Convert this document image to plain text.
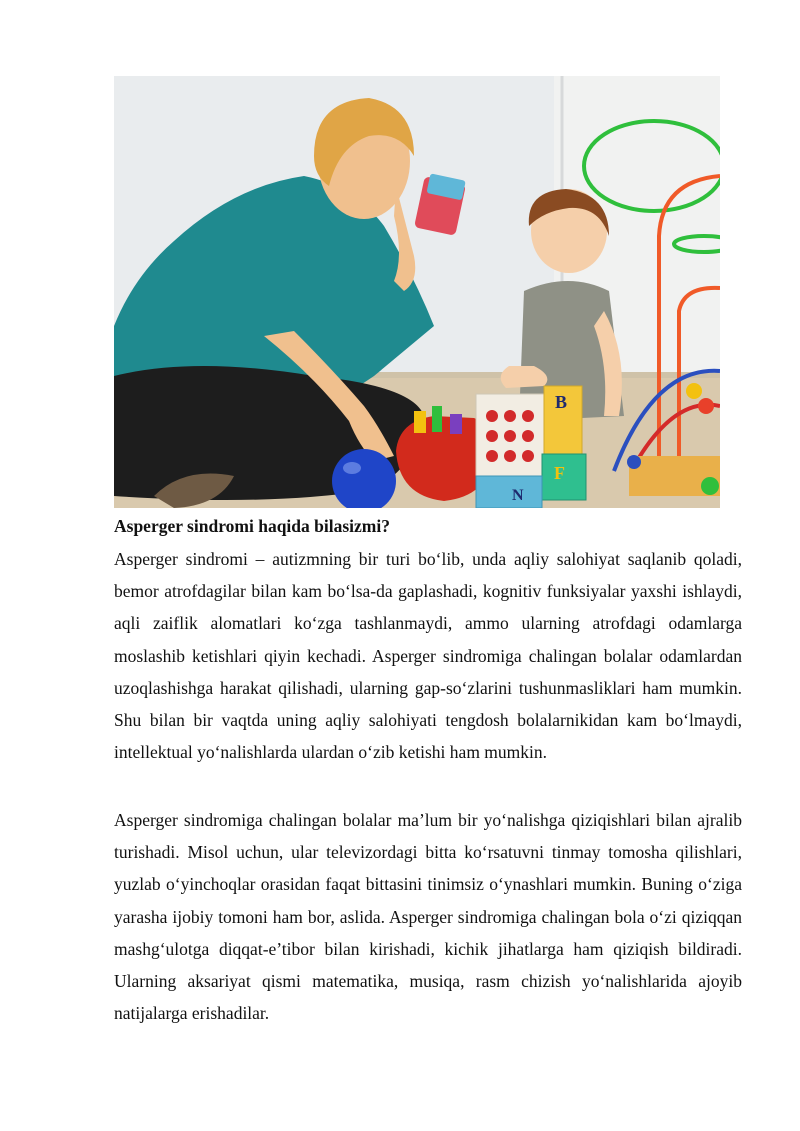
B
F
N
Asperger sindromi haqida bilasizmi?

Asperger sindromi – autizmning bir turi bo‘lib, unda aqliy salohiyat saqlanib qoladi, bemor atrofdagilar bilan kam bo‘lsa-da gaplashadi, kognitiv funksiyalar yaxshi ishlaydi, aqli zaiflik alomatlari ko‘zga tashlanmaydi, ammo ularning atrofdagi odamlarga moslashib ketishlari qiyin kechadi. Asperger sindromiga chalingan bolalar odamlardan uzoqlashishga harakat qilishadi, ularning gap-so‘zlarini tushunmasliklari ham mumkin. Shu bilan bir vaqtda uning aqliy salohiyati tengdosh bolalarnikidan kam bo‘lmaydi, intellektual yo‘nalishlarda ulardan o‘zib ketishi ham mumkin.

Asperger sindromiga chalingan bolalar ma’lum bir yo‘nalishga qiziqishlari bilan ajralib turishadi. Misol uchun, ular televizordagi bitta ko‘rsatuvni tinmay tomosha qilishlari, yuzlab o‘yinchoqlar orasidan faqat bittasini tinimsiz o‘ynashlari mumkin. Buning o‘ziga yarasha ijobiy tomoni ham bor, aslida. Asperger sindromiga chalingan bola o‘zi qiziqqan mashg‘ulotga diqqat-e’tibor bilan kirishadi, kichik jihatlarga ham qiziqish bildiradi. Ularning aksariyat qismi matematika, musiqa, rasm chizish yo‘nalishlarida ajoyib natijalarga erishadilar.
